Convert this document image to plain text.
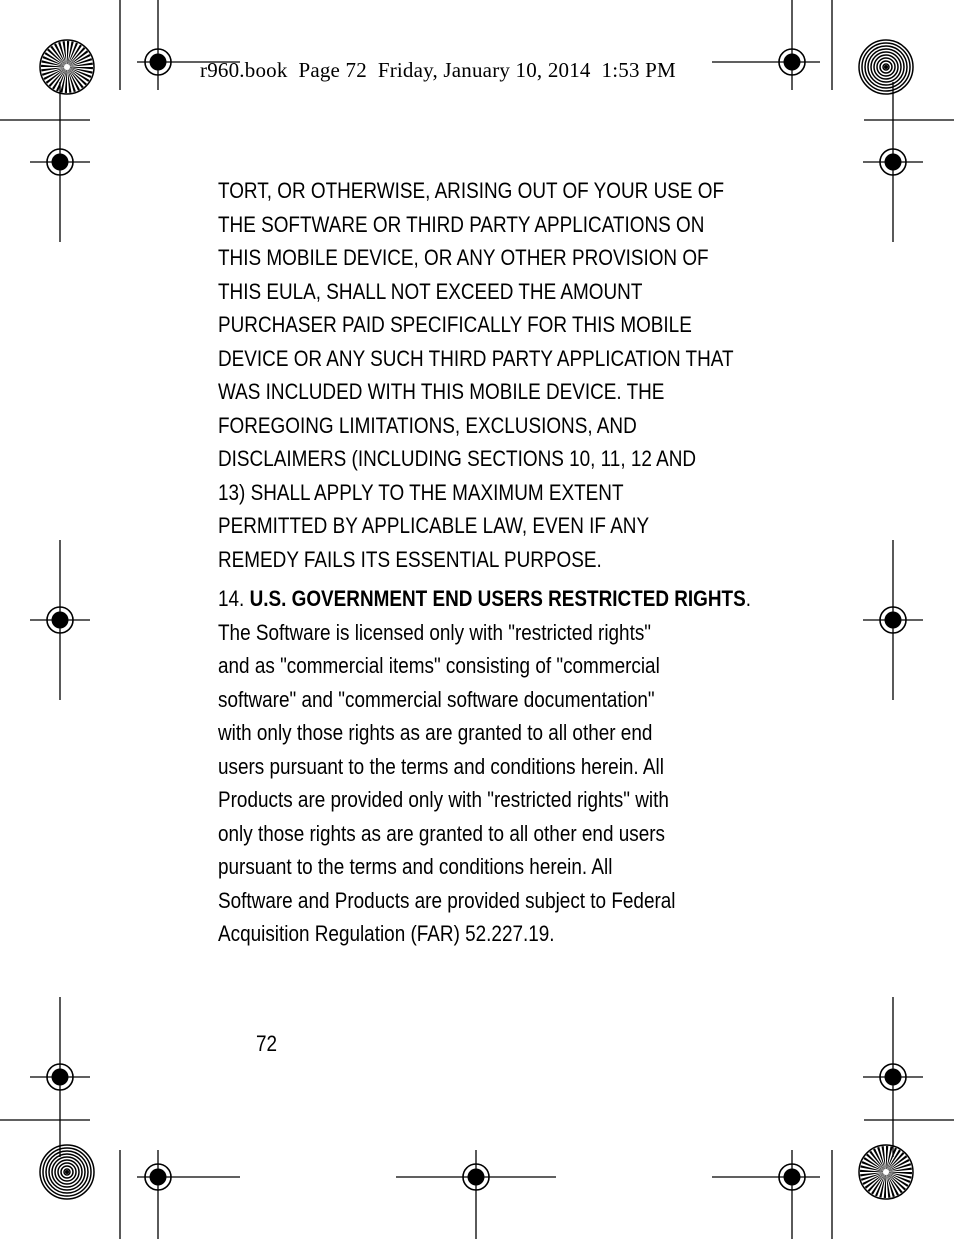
r960.book  Page 72  Friday, January 10, 2014  1:53 PM
TORT, OR OTHERWISE, ARISING OUT OF YOUR USE OF
THE SOFTWARE OR THIRD PARTY APPLICATIONS ON
THIS MOBILE DEVICE, OR ANY OTHER PROVISION OF
THIS EULA, SHALL NOT EXCEED THE AMOUNT
PURCHASER PAID SPECIFICALLY FOR THIS MOBILE
DEVICE OR ANY SUCH THIRD PARTY APPLICATION THAT
WAS INCLUDED WITH THIS MOBILE DEVICE. THE
FOREGOING LIMITATIONS, EXCLUSIONS, AND
DISCLAIMERS (INCLUDING SECTIONS 10, 11, 12 AND
13) SHALL APPLY TO THE MAXIMUM EXTENT
PERMITTED BY APPLICABLE LAW, EVEN IF ANY
REMEDY FAILS ITS ESSENTIAL PURPOSE.
14. U.S. GOVERNMENT END USERS RESTRICTED RIGHTS.
The Software is licensed only with "restricted rights"
and as "commercial items" consisting of "commercial
software" and "commercial software documentation"
with only those rights as are granted to all other end
users pursuant to the terms and conditions herein. All
Products are provided only with "restricted rights" with
only those rights as are granted to all other end users
pursuant to the terms and conditions herein. All
Software and Products are provided subject to Federal
Acquisition Regulation (FAR) 52.227.19.
72
